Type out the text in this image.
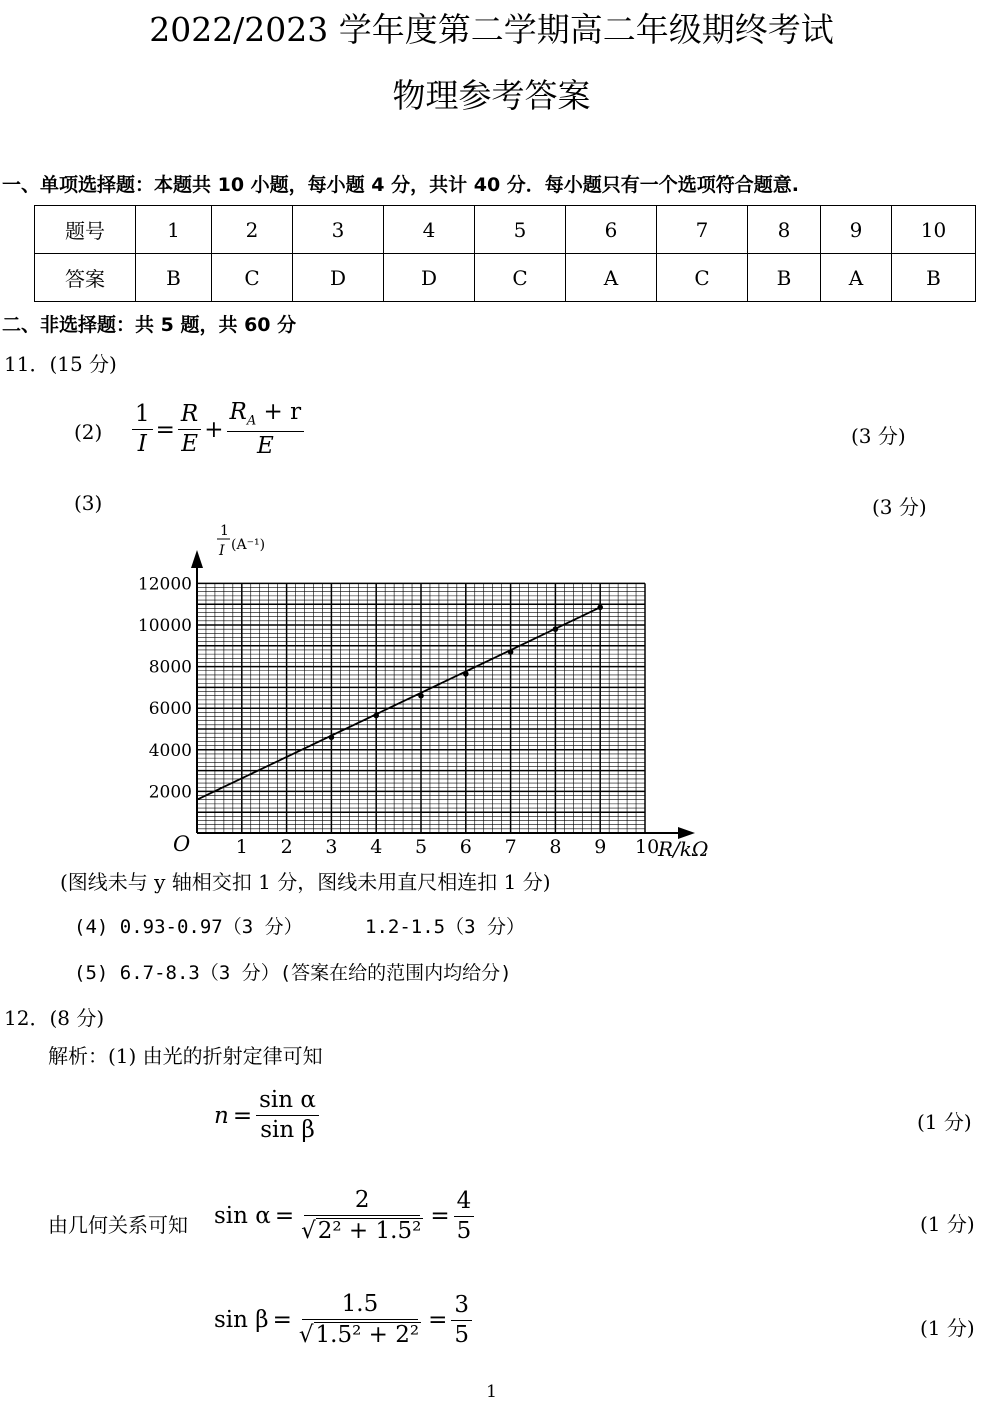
2022/2023 学年度第二学期高二年级期终考试
物理参考答案
一、单项选择题：本题共 10 小题，每小题 4 分，共计 40 分．每小题只有一个选项符合题意.
题号	1	2	3	4	5	6	7	8	9	10
答案	B	C	D	D	C	A	C	B	A	B
二、非选择题：共 5 题，共 60 分
11．(15 分)
$(2) \frac{1}{I} = \frac{R}{E} + \frac{R_A + r}{E}$	(3 分)
(3)	(3 分)
1 2 3 4 5 6 7 8 9 10
2000
4000
6000
8000
10000
12000
O	R/kΩ
1
I (A⁻¹)
(图线未与 y 轴相交扣 1 分，图线未用直尺相连扣 1 分)
(4) 0.93-0.97（3 分）	1.2-1.5（3 分）
(5) 6.7-8.3（3 分）(答案在给的范围内均给分)
12．(8 分)
解析：(1) 由光的折射定律可知
$n = \frac{\text{sin α}}{\text{sin β}}$	(1 分)
由几何关系可知 $\sin \alpha = \frac{2}{\text{√2² + 1.5²}} = \frac{4}{5}$	(1 分)
$\sin \beta = \frac{1.5}{\text{√1.5² + 2²}} = \frac{3}{5}$	(1 分)
1
